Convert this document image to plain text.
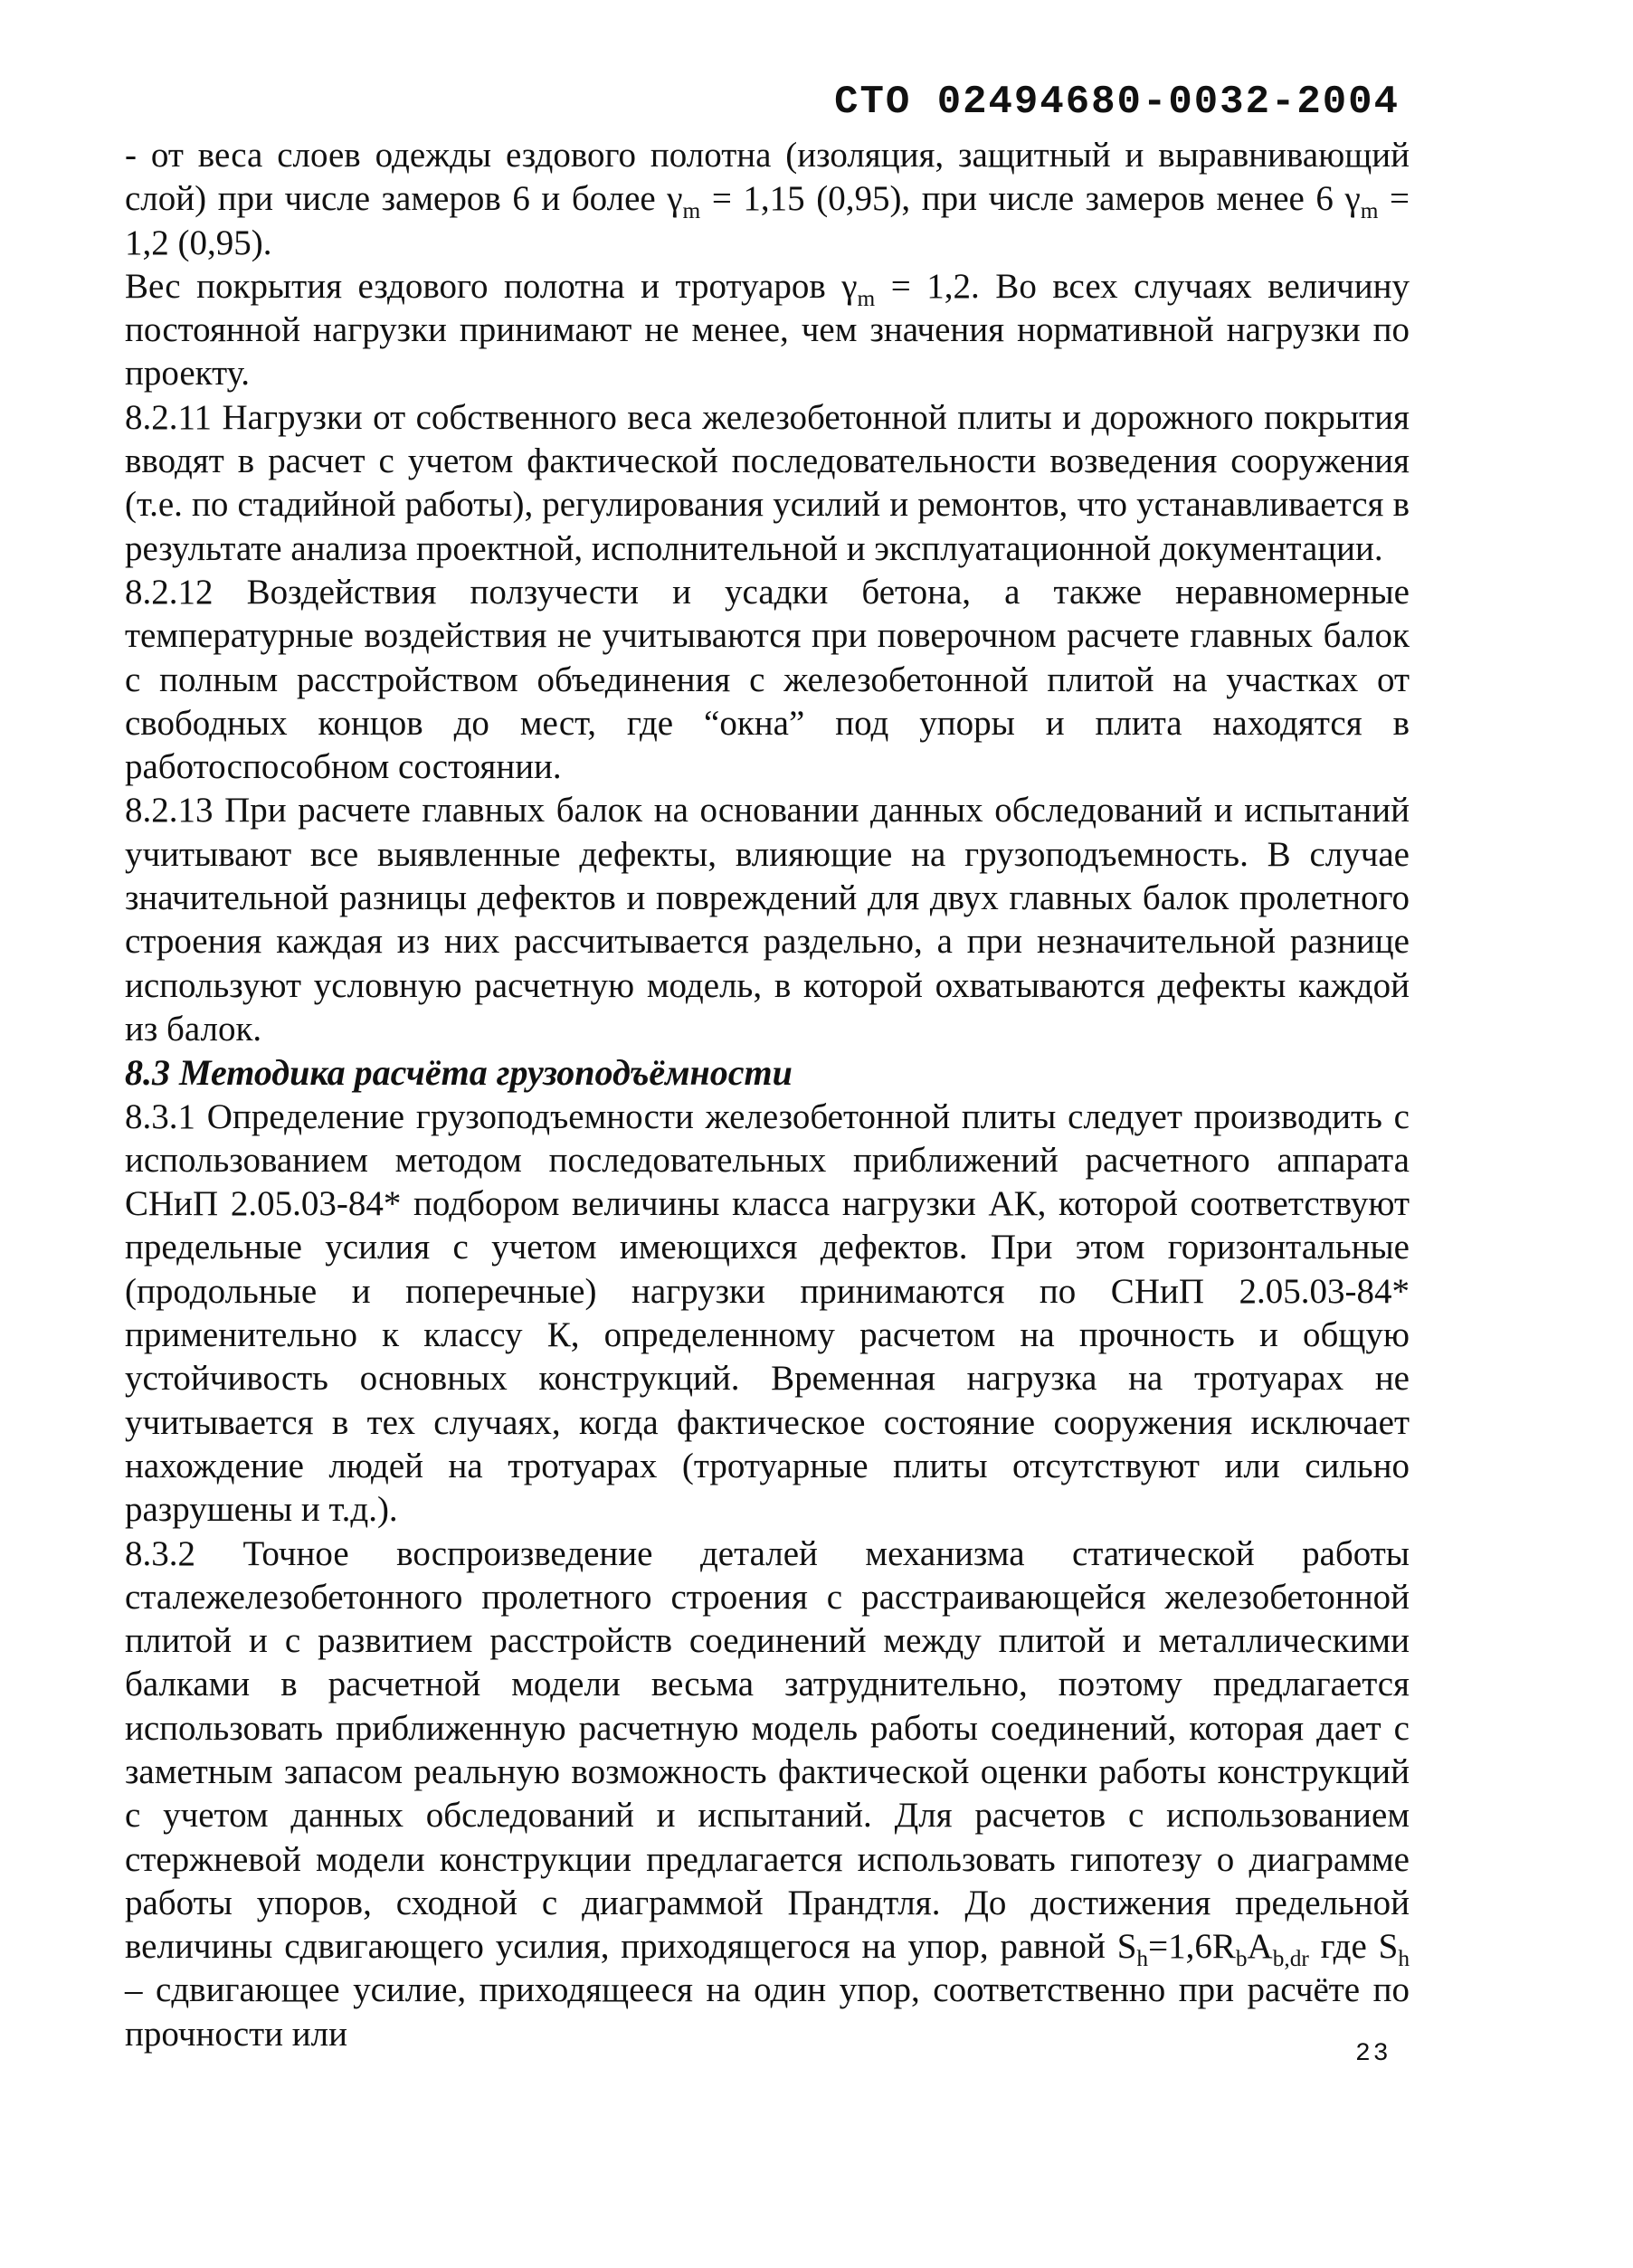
СТО 02494680-0032-2004

- от веса слоев одежды ездового полотна (изоляция, защитный и выравнивающий слой) при числе замеров 6 и более $\gamma_m = 1,15$ (0,95), при числе замеров менее 6 $\gamma_m = 1,2$ (0,95).

Вес покрытия ездового полотна и тротуаров $\gamma_m = 1,2$. Во всех случаях величину постоянной нагрузки принимают не менее, чем значения нормативной нагрузки по проекту.

8.2.11 Нагрузки от собственного веса железобетонной плиты и дорожного покрытия вводят в расчет с учетом фактической последовательности возведения сооружения (т.е. по стадийной работы), регулирования усилий и ремонтов, что устанавливается в результате анализа проектной, исполнительной и эксплуатационной документации.

8.2.12 Воздействия ползучести и усадки бетона, а также неравномерные температурные воздействия не учитываются при поверочном расчете главных балок с полным расстройством объединения с железобетонной плитой на участках от свободных концов до мест, где “окна” под упоры и плита находятся в работоспособном состоянии.

8.2.13 При расчете главных балок на основании данных обследований и испытаний учитывают все выявленные дефекты, влияющие на грузоподъемность. В случае значительной разницы дефектов и повреждений для двух главных балок пролетного строения каждая из них рассчитывается раздельно, а при незначительной разнице используют условную расчетную модель, в которой охватываются дефекты каждой из балок.

8.3 Методика расчёта грузоподъёмности

8.3.1 Определение грузоподъемности железобетонной плиты следует производить с использованием методом последовательных приближений расчетного аппарата СНиП 2.05.03-84* подбором величины класса нагрузки АК, которой соответствуют предельные усилия с учетом имеющихся дефектов. При этом горизонтальные (продольные и поперечные) нагрузки принимаются по СНиП 2.05.03-84* применительно к классу К, определенному расчетом на прочность и общую устойчивость основных конструкций. Временная нагрузка на тротуарах не учитывается в тех случаях, когда фактическое состояние сооружения исключает нахождение людей на тротуарах (тротуарные плиты отсутствуют или сильно разрушены и т.д.).

8.3.2 Точное воспроизведение деталей механизма статической работы сталежелезобетонного пролетного строения с расстраивающейся железобетонной плитой и с развитием расстройств соединений между плитой и металлическими балками в расчетной модели весьма затруднительно, поэтому предлагается использовать приближенную расчетную модель работы соединений, которая дает с заметным запасом реальную возможность фактической оценки работы конструкций с учетом данных обследований и испытаний. Для расчетов с использованием стержневой модели конструкции предлагается использовать гипотезу о диаграмме работы упоров, сходной с диаграммой Прандтля. До достижения предельной величины сдвигающего усилия, приходящегося на упор, равной $S_h=1,6R_bA_{b,dr}$ где $S_h$ – сдвигающее усилие, приходящееся на один упор, соответственно при расчёте по прочности или

23
